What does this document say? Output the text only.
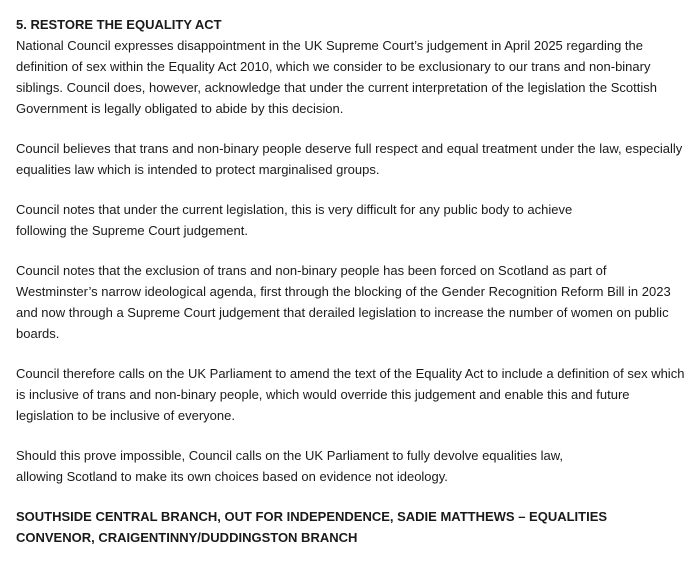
5. RESTORE THE EQUALITY ACT

National Council expresses disappointment in the UK Supreme Court’s judgement in April 2025 regarding the definition of sex within the Equality Act 2010, which we consider to be exclusionary to our trans and non-binary siblings. Council does, however, acknowledge that under the current interpretation of the legislation the Scottish Government is legally obligated to abide by this decision.

Council believes that trans and non-binary people deserve full respect and equal treatment under the law, especially equalities law which is intended to protect marginalised groups.

Council notes that under the current legislation, this is very difficult for any public body to achieve following the Supreme Court judgement.

Council notes that the exclusion of trans and non-binary people has been forced on Scotland as part of Westminster’s narrow ideological agenda, first through the blocking of the Gender Recognition Reform Bill in 2023 and now through a Supreme Court judgement that derailed legislation to increase the number of women on public boards.

Council therefore calls on the UK Parliament to amend the text of the Equality Act to include a definition of sex which is inclusive of trans and non-binary people, which would override this judgement and enable this and future legislation to be inclusive of everyone.

Should this prove impossible, Council calls on the UK Parliament to fully devolve equalities law, allowing Scotland to make its own choices based on evidence not ideology.

SOUTHSIDE CENTRAL BRANCH, OUT FOR INDEPENDENCE, SADIE MATTHEWS – EQUALITIES CONVENOR, CRAIGENTINNY/DUDDINGSTON BRANCH
